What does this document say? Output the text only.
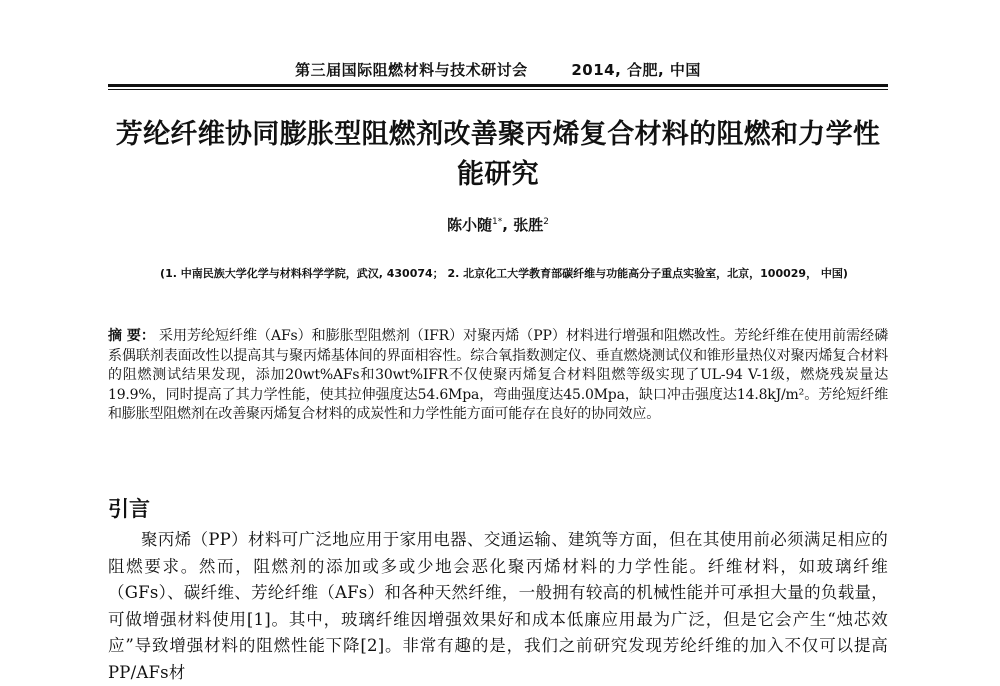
第三届国际阻燃材料与技术研讨会	2014, 合肥, 中国
芳纶纤维协同膨胀型阻燃剂改善聚丙烯复合材料的阻燃和力学性能研究
陈小随$^{1*}$, 张胜$^2$
(1. 中南民族大学化学与材料科学学院，武汉, 430074； 2. 北京化工大学教育部碳纤维与功能高分子重点实验室，北京，100029， 中国)
摘 要： 采用芳纶短纤维（AFs）和膨胀型阻燃剂（IFR）对聚丙烯（PP）材料进行增强和阻燃改性。芳纶纤维在使用前需经磷系偶联剂表面改性以提高其与聚丙烯基体间的界面相容性。综合氧指数测定仪、垂直燃烧测试仪和锥形量热仪对聚丙烯复合材料的阻燃测试结果发现，添加20wt%AFs和30wt%IFR不仅使聚丙烯复合材料阻燃等级实现了UL-94 V-1级，燃烧残炭量达19.9%，同时提高了其力学性能，使其拉伸强度达54.6Mpa，弯曲强度达45.0Mpa，缺口冲击强度达14.8kJ/m²。芳纶短纤维和膨胀型阻燃剂在改善聚丙烯复合材料的成炭性和力学性能方面可能存在良好的协同效应。
引言
聚丙烯（PP）材料可广泛地应用于家用电器、交通运输、建筑等方面，但在其使用前必须满足相应的阻燃要求。然而，阻燃剂的添加或多或少地会恶化聚丙烯材料的力学性能。纤维材料，如玻璃纤维（GFs）、碳纤维、芳纶纤维（AFs）和各种天然纤维，一般拥有较高的机械性能并可承担大量的负载量，可做增强材料使用[1]。其中，玻璃纤维因增强效果好和成本低廉应用最为广泛，但是它会产生“烛芯效应”导致增强材料的阻燃性能下降[2]。非常有趣的是，我们之前研究发现芳纶纤维的加入不仅可以提高PP/AFs材
